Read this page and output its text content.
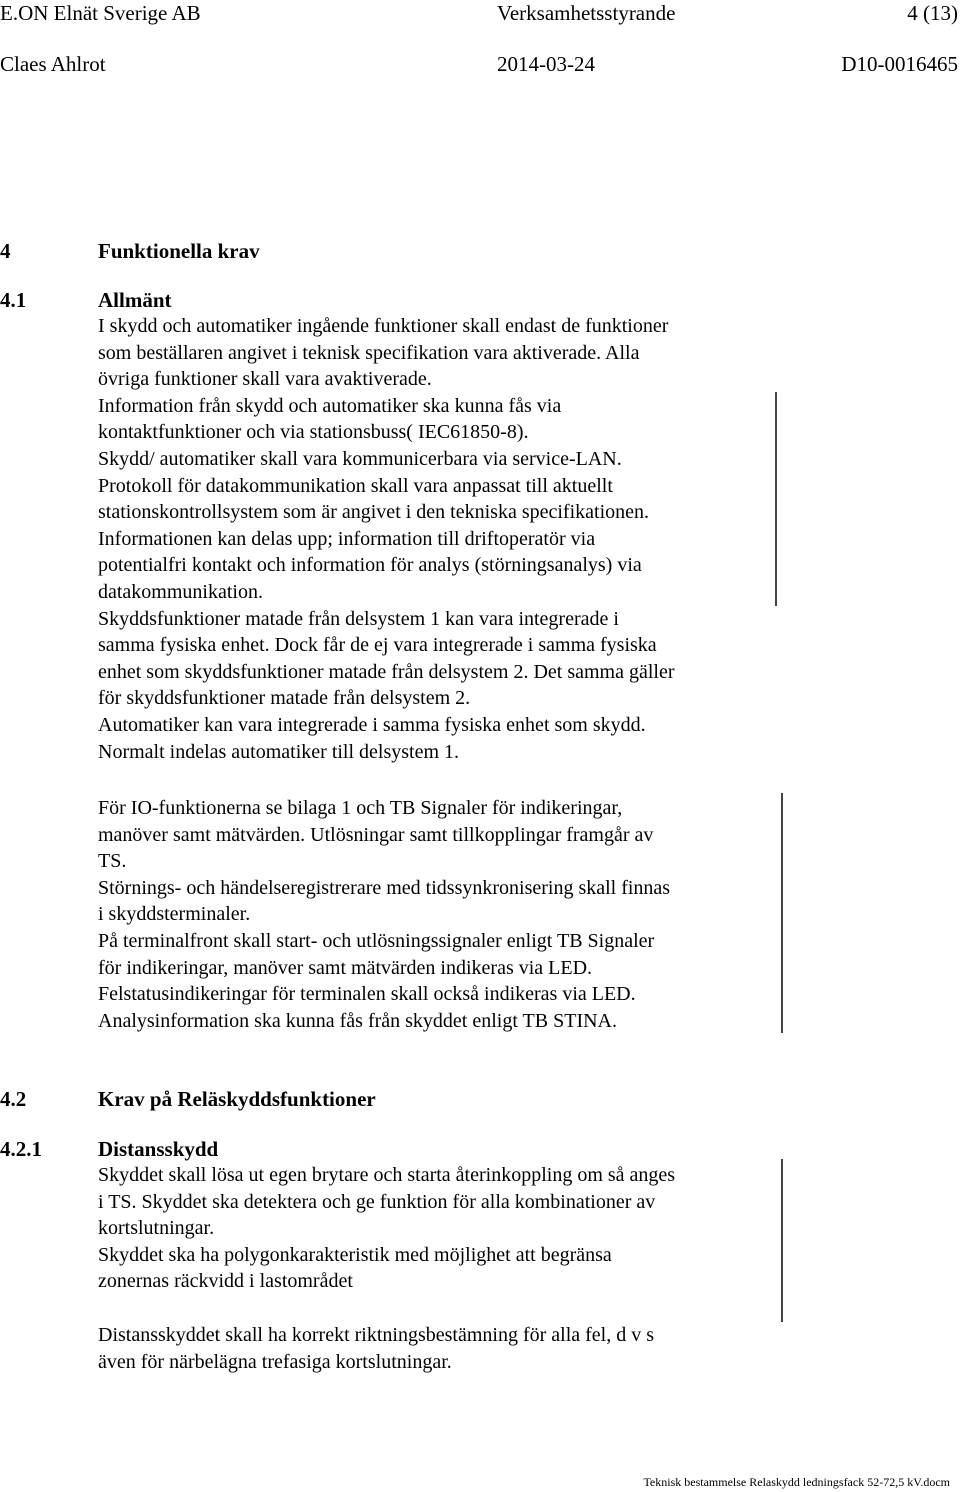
E.ON Elnät Sverige AB	Verksamhetsstyrande	4 (13)
Claes Ahlrot	2014-03-24	D10-0016465
4	Funktionella krav
4.1	Allmänt
I skydd och automatiker ingående funktioner skall endast de funktioner
som beställaren angivet i teknisk specifikation vara aktiverade. Alla
övriga funktioner skall vara avaktiverade.
Information från skydd och automatiker ska kunna fås via
kontaktfunktioner och via stationsbuss( IEC61850-8).
Skydd/ automatiker skall vara kommunicerbara via service-LAN.
Protokoll för datakommunikation skall vara anpassat till aktuellt
stationskontrollsystem som är angivet i den tekniska specifikationen.
Informationen kan delas upp; information till driftoperatör via
potentialfri kontakt och information för analys (störningsanalys) via
datakommunikation.
Skyddsfunktioner matade från delsystem 1 kan vara integrerade i
samma fysiska enhet. Dock får de ej vara integrerade i samma fysiska
enhet som skyddsfunktioner matade från delsystem 2. Det samma gäller
för skyddsfunktioner matade från delsystem 2.
Automatiker kan vara integrerade i samma fysiska enhet som skydd.
Normalt indelas automatiker till delsystem 1.
För IO-funktionerna se bilaga 1 och TB Signaler för indikeringar,
manöver samt mätvärden. Utlösningar samt tillkopplingar framgår av
TS.
Störnings- och händelseregistrerare med tidssynkronisering skall finnas
i skyddsterminaler.
På terminalfront skall start- och utlösningssignaler enligt TB Signaler
för indikeringar, manöver samt mätvärden indikeras via LED.
Felstatusindikeringar för terminalen skall också indikeras via LED.
Analysinformation ska kunna fås från skyddet enligt TB STINA.
4.2	Krav på Reläskyddsfunktioner
4.2.1	Distansskydd
Skyddet skall lösa ut egen brytare och starta återinkoppling om så anges
i TS. Skyddet ska detektera och ge funktion för alla kombinationer av
kortslutningar.
Skyddet ska ha polygonkarakteristik med möjlighet att begränsa
zonernas räckvidd i lastområdet
Distansskyddet skall ha korrekt riktningsbestämning för alla fel, d v s
även för närbelägna trefasiga kortslutningar.
Teknisk bestammelse Relaskydd ledningsfack 52-72,5 kV.docm
